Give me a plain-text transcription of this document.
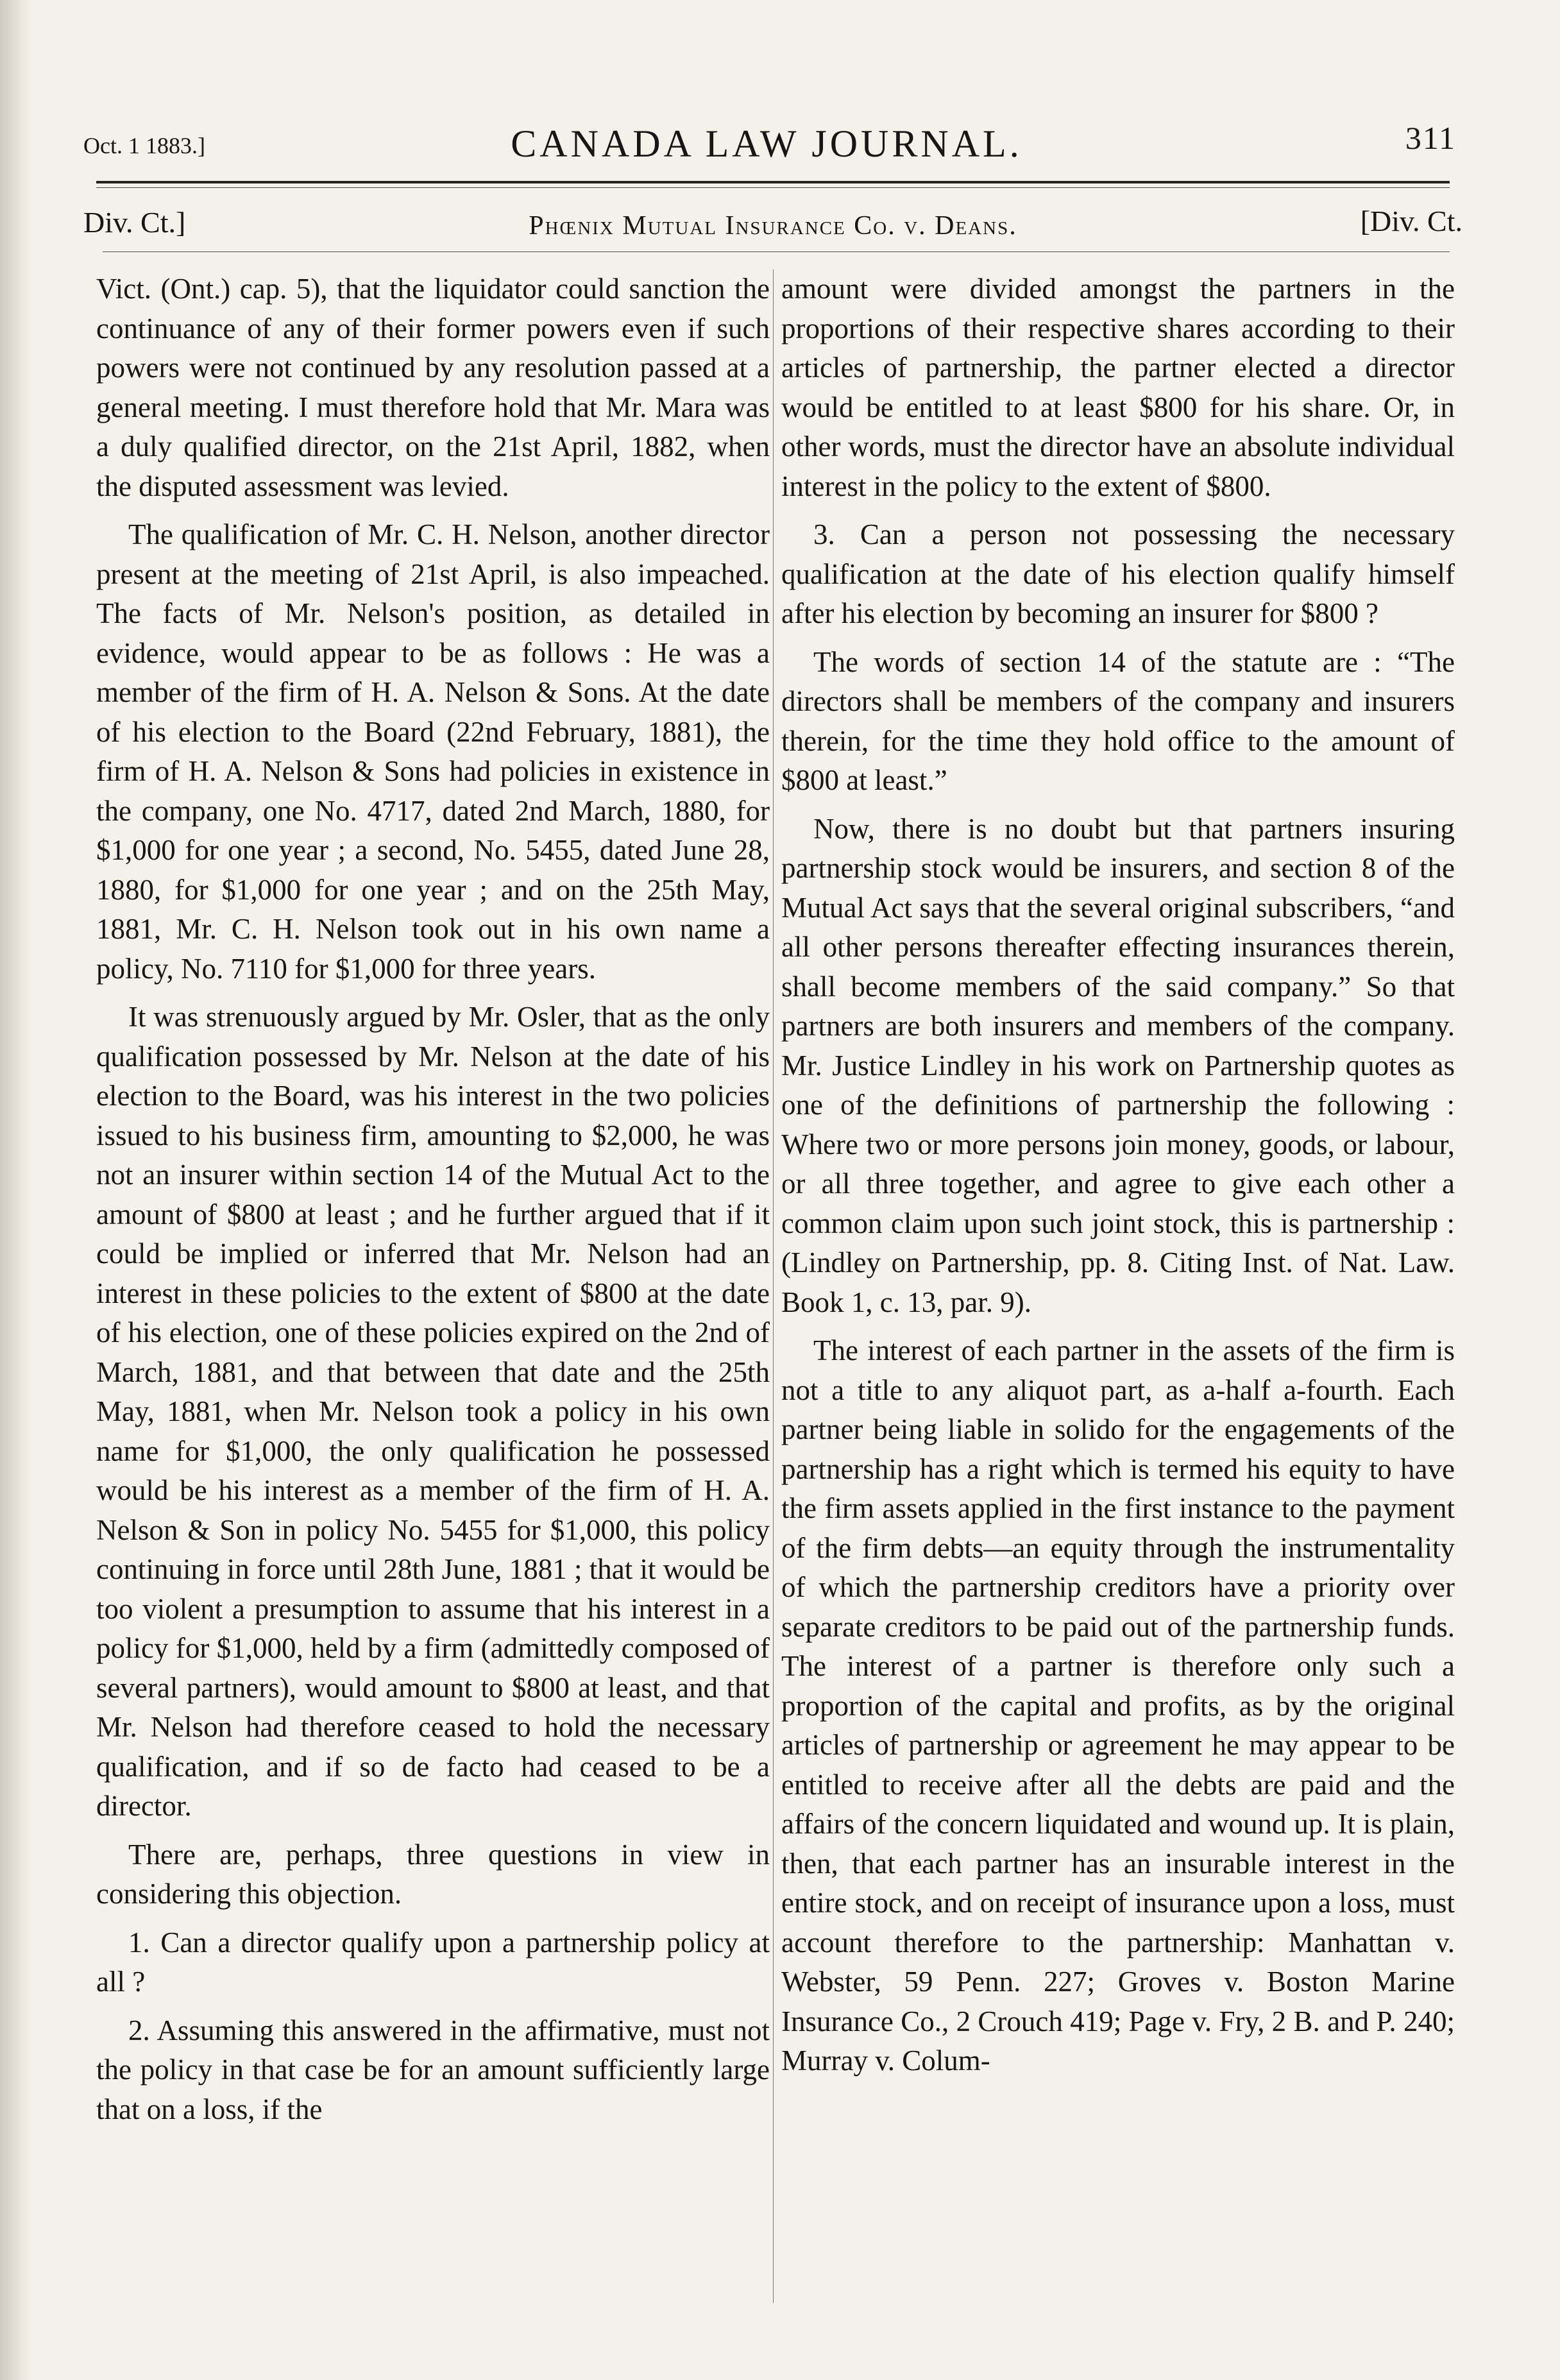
Oct. 1 1883.]	CANADA LAW JOURNAL.	311
Div. Ct.]	Phœnix Mutual Insurance Co. v. Deans.	[Div. Ct.

Vict. (Ont.) cap. 5), that the liquidator could sanction the continuance of any of their former powers even if such powers were not continued by any resolution passed at a general meeting. I must therefore hold that Mr. Mara was a duly qualified director, on the 21st April, 1882, when the disputed assessment was levied.

The qualification of Mr. C. H. Nelson, another director present at the meeting of 21st April, is also impeached. The facts of Mr. Nelson's position, as detailed in evidence, would appear to be as follows : He was a member of the firm of H. A. Nelson & Sons. At the date of his election to the Board (22nd February, 1881), the firm of H. A. Nelson & Sons had policies in existence in the company, one No. 4717, dated 2nd March, 1880, for $1,000 for one year ; a second, No. 5455, dated June 28, 1880, for $1,000 for one year ; and on the 25th May, 1881, Mr. C. H. Nelson took out in his own name a policy, No. 7110 for $1,000 for three years.

It was strenuously argued by Mr. Osler, that as the only qualification possessed by Mr. Nelson at the date of his election to the Board, was his interest in the two policies issued to his business firm, amounting to $2,000, he was not an insurer within section 14 of the Mutual Act to the amount of $800 at least ; and he further argued that if it could be implied or inferred that Mr. Nelson had an interest in these policies to the extent of $800 at the date of his election, one of these policies expired on the 2nd of March, 1881, and that between that date and the 25th May, 1881, when Mr. Nelson took a policy in his own name for $1,000, the only qualification he possessed would be his interest as a member of the firm of H. A. Nelson & Son in policy No. 5455 for $1,000, this policy continuing in force until 28th June, 1881 ; that it would be too violent a presumption to assume that his interest in a policy for $1,000, held by a firm (admittedly composed of several partners), would amount to $800 at least, and that Mr. Nelson had therefore ceased to hold the necessary qualification, and if so de facto had ceased to be a director.

There are, perhaps, three questions in view in considering this objection.

1. Can a director qualify upon a partnership policy at all ?

2. Assuming this answered in the affirmative, must not the policy in that case be for an amount sufficiently large that on a loss, if the

amount were divided amongst the partners in the proportions of their respective shares according to their articles of partnership, the partner elected a director would be entitled to at least $800 for his share. Or, in other words, must the director have an absolute individual interest in the policy to the extent of $800.

3. Can a person not possessing the necessary qualification at the date of his election qualify himself after his election by becoming an insurer for $800 ?

The words of section 14 of the statute are : “The directors shall be members of the company and insurers therein, for the time they hold office to the amount of $800 at least.”

Now, there is no doubt but that partners insuring partnership stock would be insurers, and section 8 of the Mutual Act says that the several original subscribers, “and all other persons thereafter effecting insurances therein, shall become members of the said company.” So that partners are both insurers and members of the company. Mr. Justice Lindley in his work on Partnership quotes as one of the definitions of partnership the following : Where two or more persons join money, goods, or labour, or all three together, and agree to give each other a common claim upon such joint stock, this is partnership : (Lindley on Partnership, pp. 8. Citing Inst. of Nat. Law. Book 1, c. 13, par. 9).

The interest of each partner in the assets of the firm is not a title to any aliquot part, as a-half a-fourth. Each partner being liable in solido for the engagements of the partnership has a right which is termed his equity to have the firm assets applied in the first instance to the payment of the firm debts—an equity through the instrumentality of which the partnership creditors have a priority over separate creditors to be paid out of the partnership funds. The interest of a partner is therefore only such a proportion of the capital and profits, as by the original articles of partnership or agreement he may appear to be entitled to receive after all the debts are paid and the affairs of the concern liquidated and wound up. It is plain, then, that each partner has an insurable interest in the entire stock, and on receipt of insurance upon a loss, must account therefore to the partnership: Manhattan v. Webster, 59 Penn. 227; Groves v. Boston Marine Insurance Co., 2 Crouch 419; Page v. Fry, 2 B. and P. 240; Murray v. Colum-
